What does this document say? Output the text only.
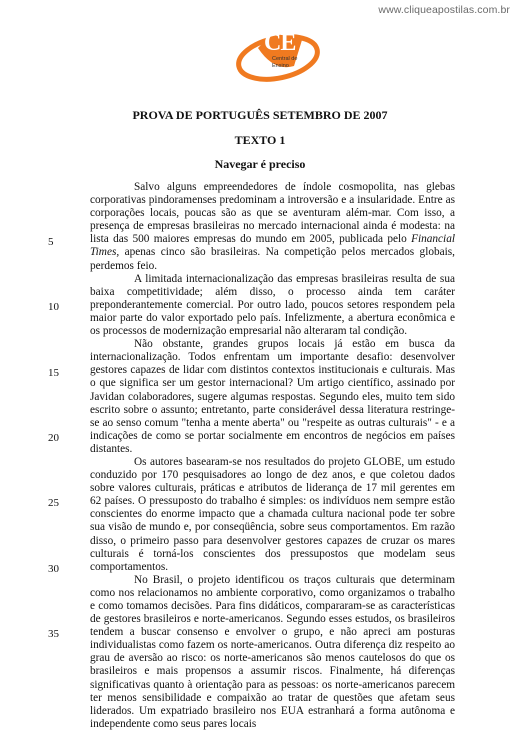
www.cliqueapostilas.com.br
CE
Central de
Ensino
PROVA DE PORTUGUÊS SETEMBRO DE 2007
TEXTO 1
Navegar é preciso

Salvo alguns empreendedores de índole cosmopolita, nas glebas corporativas pindoramenses predominam a introversão e a insularidade. Entre as corporações locais, poucas são as que se aventuram além-mar. Com isso, a presença de empresas brasileiras no mercado internacional ainda é modesta: na lista das 500 maiores empresas do mundo em 2005, publicada pelo Financial Times, apenas cinco são brasileiras. Na competição pelos mercados globais, perdemos feio.

A limitada internacionalização das empresas brasileiras resulta de sua baixa competitividade; além disso, o processo ainda tem caráter preponderantemente comercial. Por outro lado, poucos setores respondem pela maior parte do valor exportado pelo país. Infelizmente, a abertura econômica e os processos de modernização empresarial não alteraram tal condição.

Não obstante, grandes grupos locais já estão em busca da internacionalização. Todos enfrentam um importante desafio: desenvolver gestores capazes de lidar com distintos contextos institucionais e culturais. Mas o que significa ser um gestor internacional? Um artigo científico, assinado por Javidan colaboradores, sugere algumas respostas. Segundo eles, muito tem sido escrito sobre o assunto; entretanto, parte considerável dessa literatura restringe-se ao senso comum "tenha a mente aberta" ou "respeite as outras culturais" - e a indicações de como se portar socialmente em encontros de negócios em países distantes.

Os autores basearam-se nos resultados do projeto GLOBE, um estudo conduzido por 170 pesquisadores ao longo de dez anos, e que coletou dados sobre valores culturais, práticas e atributos de liderança de 17 mil gerentes em 62 países. O pressuposto do trabalho é simples: os indivíduos nem sempre estão conscientes do enorme impacto que a chamada cultura nacional pode ter sobre sua visão de mundo e, por conseqüência, sobre seus comportamentos. Em razão disso, o primeiro passo para desenvolver gestores capazes de cruzar os mares culturais é torná-los conscientes dos pressupostos que modelam seus comportamentos.

No Brasil, o projeto identificou os traços culturais que determinam como nos relacionamos no ambiente corporativo, como organizamos o trabalho e como tomamos decisões. Para fins didáticos, compararam-se as características de gestores brasileiros e norte-americanos. Segundo esses estudos, os brasileiros tendem a buscar consenso e envolver o grupo, e não apreci am posturas individualistas como fazem os norte-americanos. Outra diferença diz respeito ao grau de aversão ao risco: os norte-americanos são menos cautelosos do que os brasileiros e mais propensos a assumir riscos. Finalmente, há diferenças significativas quanto à orientação para as pessoas: os norte-americanos parecem ter menos sensibilidade e compaixão ao tratar de questões que afetam seus liderados. Um expatriado brasileiro nos EUA estranhará a forma autônoma e independente como seus pares locais

5
10
15
20
25
30
35
